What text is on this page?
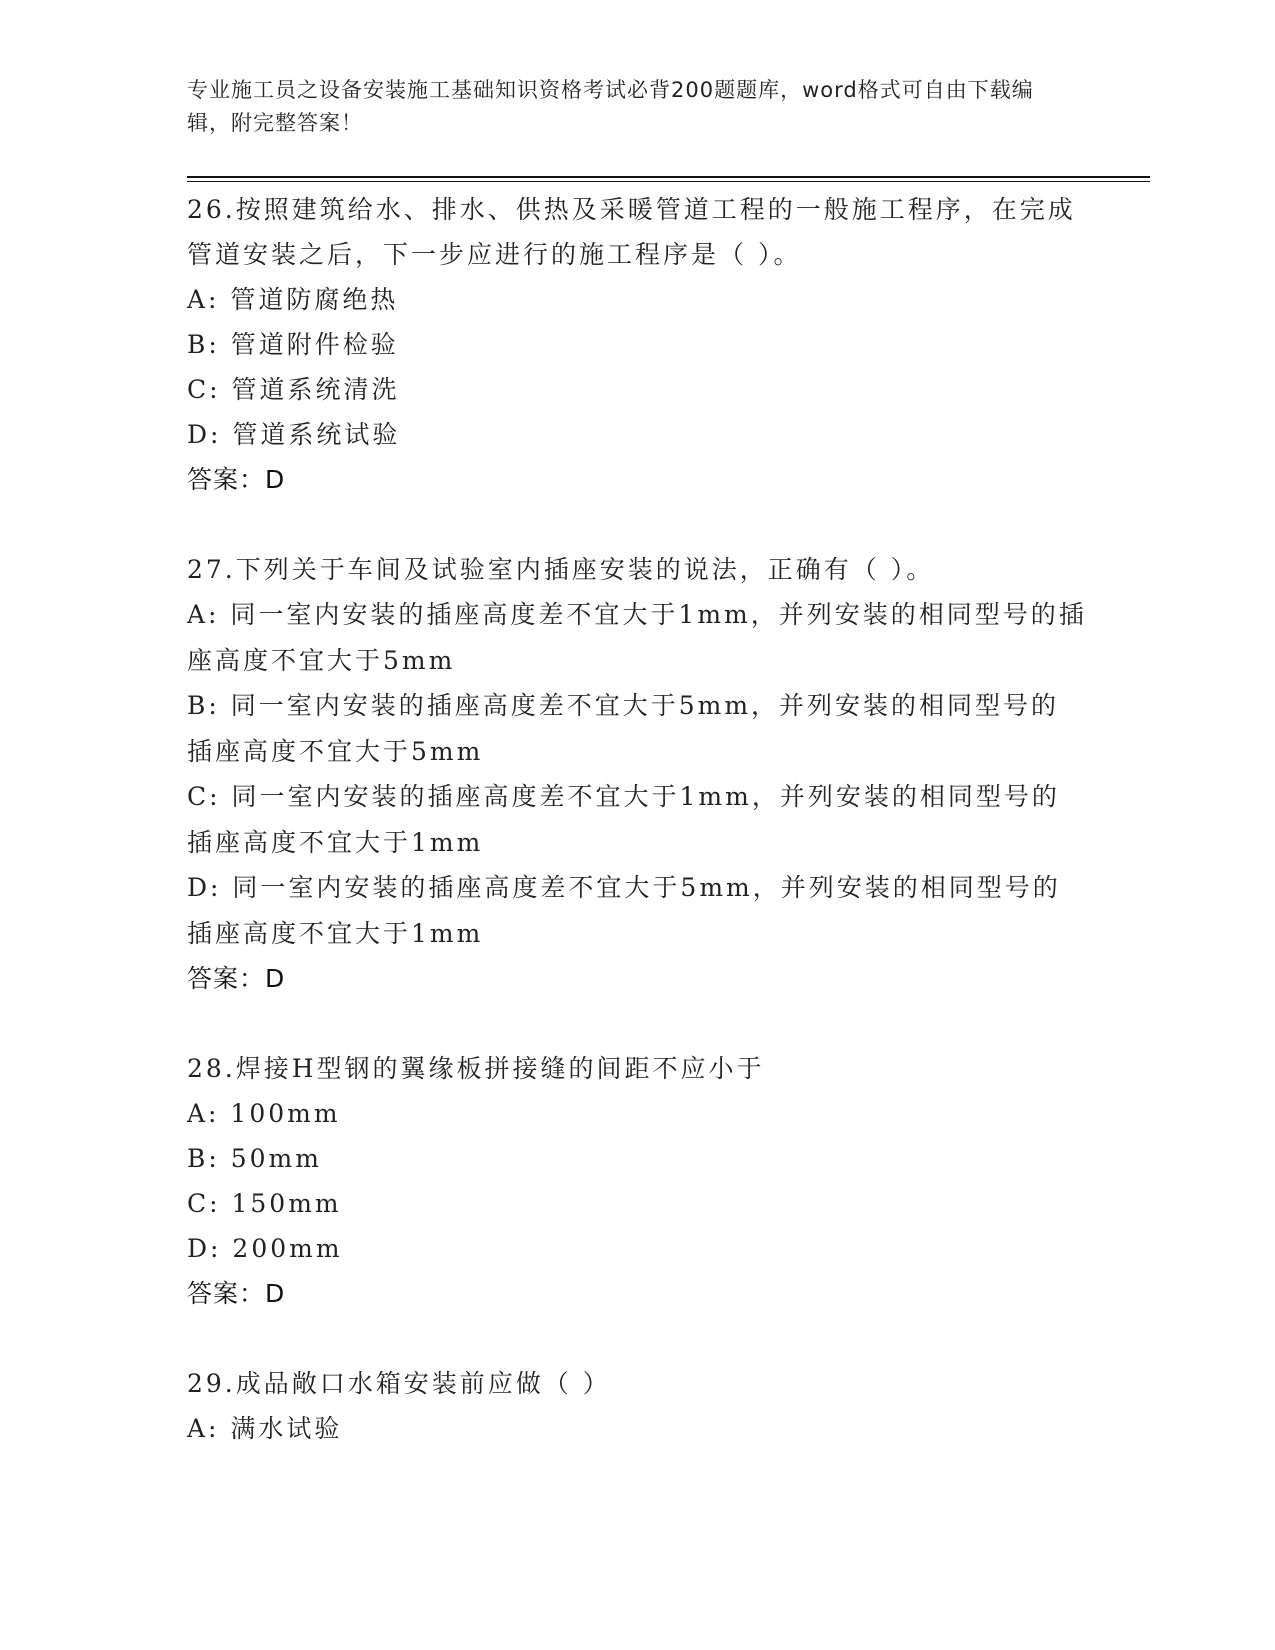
专业施工员之设备安装施工基础知识资格考试必背200题题库，word格式可自由下载编辑，附完整答案！
26.按照建筑给水、排水、供热及采暖管道工程的一般施工程序，在完成管道安装之后，下一步应进行的施工程序是（ ）。
A: 管道防腐绝热
B: 管道附件检验
C: 管道系统清洗
D: 管道系统试验
答案：D
27.下列关于车间及试验室内插座安装的说法，正确有（ ）。
A: 同一室内安装的插座高度差不宜大于1mm，并列安装的相同型号的插座高度不宜大于5mm
B: 同一室内安装的插座高度差不宜大于5mm，并列安装的相同型号的插座高度不宜大于5mm
C: 同一室内安装的插座高度差不宜大于1mm，并列安装的相同型号的插座高度不宜大于1mm
D: 同一室内安装的插座高度差不宜大于5mm，并列安装的相同型号的插座高度不宜大于1mm
答案：D
28.焊接H型钢的翼缘板拼接缝的间距不应小于
A: 100mm
B: 50mm
C: 150mm
D: 200mm
答案：D
29.成品敞口水箱安装前应做（ ）
A: 满水试验
